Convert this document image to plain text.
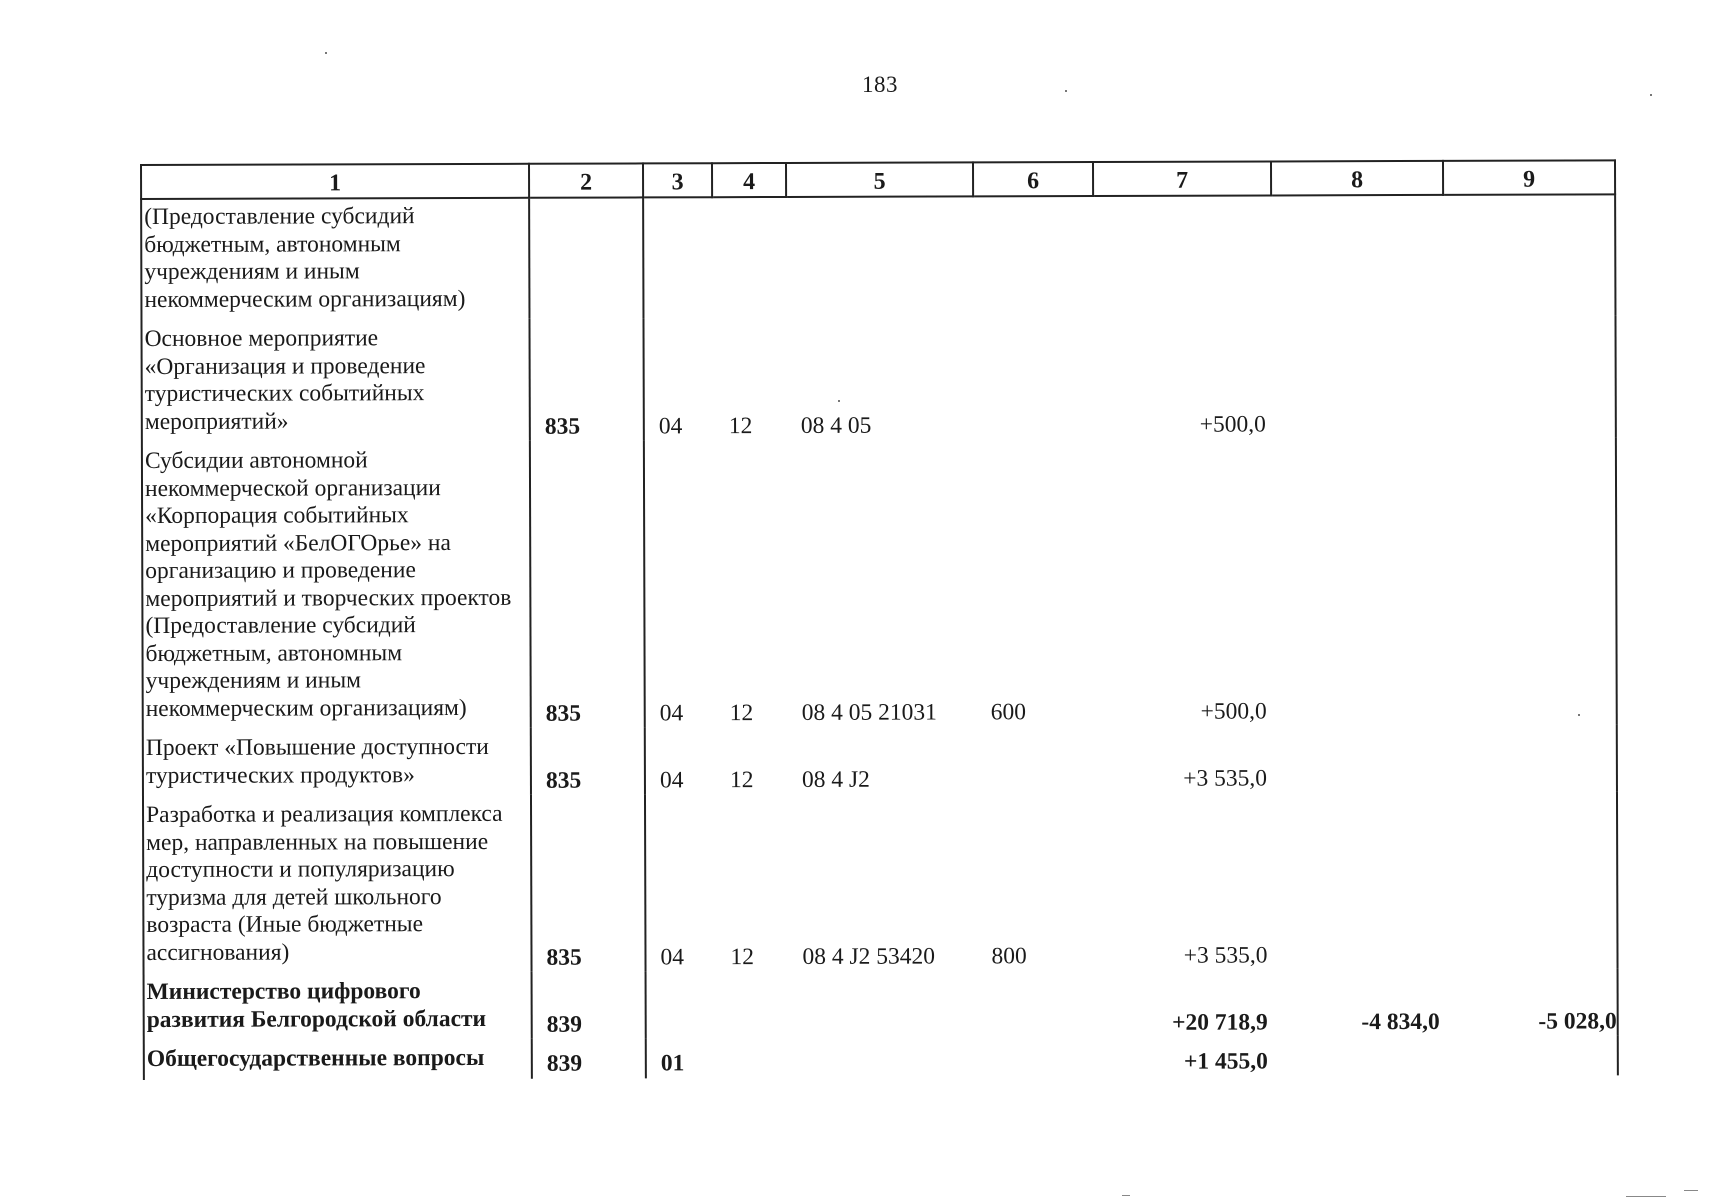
183
1	2	3	4	5	6	7	8	9
(Предоставление субсидий бюджетным, автономным учреждениям и иным некоммерческим организациям)								
Основное мероприятие «Организация и проведение туристических событийных мероприятий»	835	04	12	08 4 05		+500,0		
Субсидии автономной некоммерческой организации «Корпорация событийных мероприятий «БелОГОрье» на организацию и проведение мероприятий и творческих проектов (Предоставление субсидий бюджетным, автономным учреждениям и иным некоммерческим организациям)	835	04	12	08 4 05 21031	600	+500,0		
Проект «Повышение доступности туристических продуктов»	835	04	12	08 4 J2		+3 535,0		
Разработка и реализация комплекса мер, направленных на повышение доступности и популяризацию туризма для детей школьного возраста (Иные бюджетные ассигнования)	835	04	12	08 4 J2 53420	800	+3 535,0		
Министерство цифрового развития Белгородской области	839					+20 718,9	-4 834,0	-5 028,0
Общегосударственные вопросы	839	01				+1 455,0		
